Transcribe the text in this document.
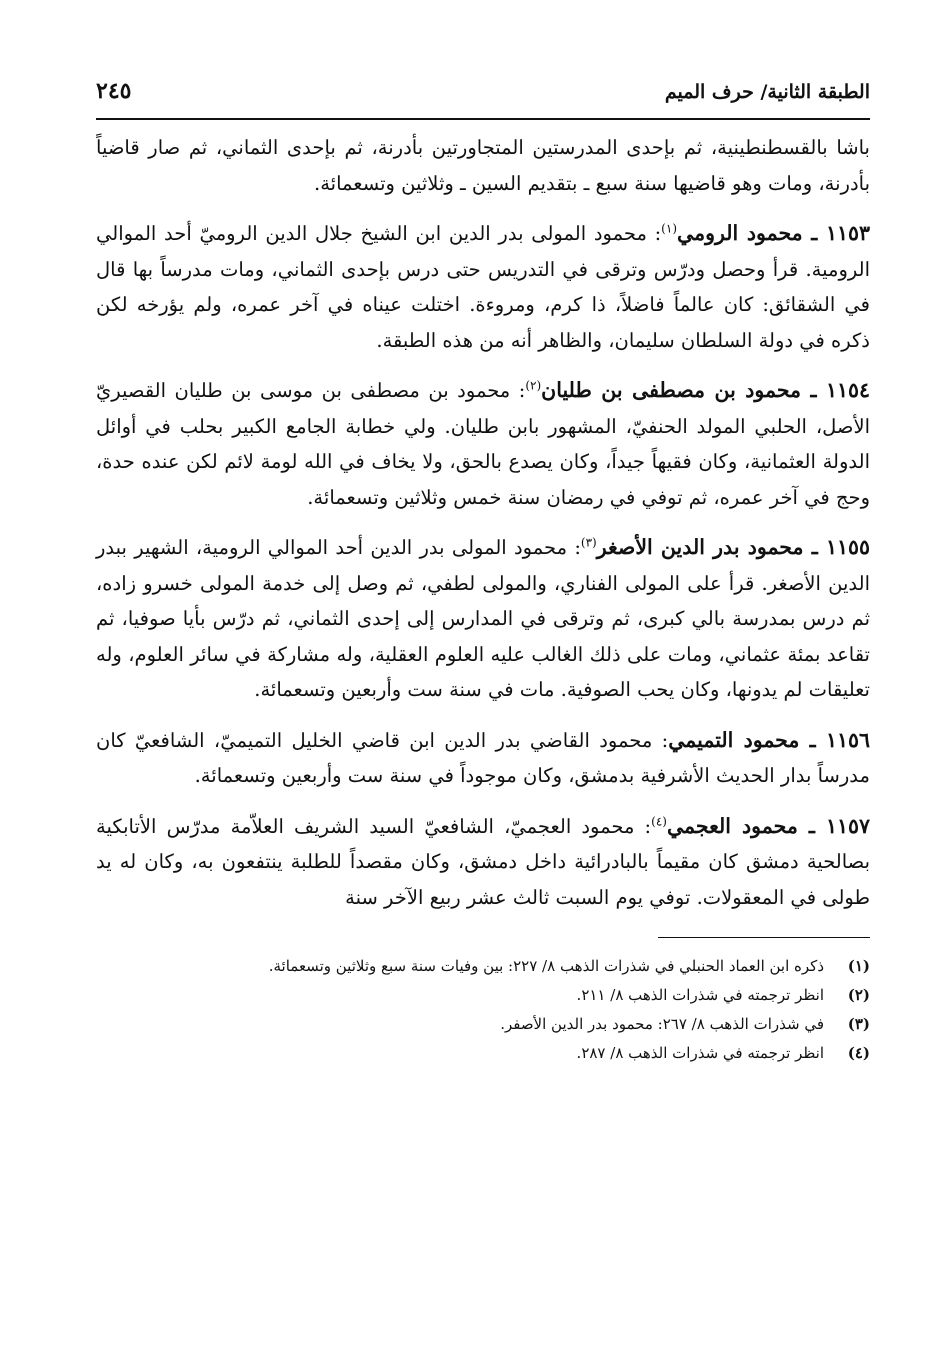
الطبقة الثانية/ حرف الميم
٢٤٥

باشا بالقسطنطينية، ثم بإحدى المدرستين المتجاورتين بأدرنة، ثم بإحدى الثماني، ثم صار قاضياً بأدرنة، ومات وهو قاضيها سنة سبع ـ بتقديم السين ـ وثلاثين وتسعمائة.

١١٥٣ ـ محمود الرومي$^{(١)}$: محمود المولى بدر الدين ابن الشيخ جلال الدين الروميّ أحد الموالي الرومية. قرأ وحصل ودرّس وترقى في التدريس حتى درس بإحدى الثماني، ومات مدرساً بها قال في الشقائق: كان عالماً فاضلاً، ذا كرم، ومروءة. اختلت عيناه في آخر عمره، ولم يؤرخه لكن ذكره في دولة السلطان سليمان، والظاهر أنه من هذه الطبقة.

١١٥٤ ـ محمود بن مصطفى بن طليان$^{(٢)}$: محمود بن مصطفى بن موسى بن طليان القصيريّ الأصل، الحلبي المولد الحنفيّ، المشهور بابن طليان. ولي خطابة الجامع الكبير بحلب في أوائل الدولة العثمانية، وكان فقيهاً جيداً، وكان يصدع بالحق، ولا يخاف في الله لومة لائم لكن عنده حدة، وحج في آخر عمره، ثم توفي في رمضان سنة خمس وثلاثين وتسعمائة.

١١٥٥ ـ محمود بدر الدين الأصغر$^{(٣)}$: محمود المولى بدر الدين أحد الموالي الرومية، الشهير ببدر الدين الأصغر. قرأ على المولى الفناري، والمولى لطفي، ثم وصل إلى خدمة المولى خسرو زاده، ثم درس بمدرسة بالي كبرى، ثم وترقى في المدارس إلى إحدى الثماني، ثم درّس بأيا صوفيا، ثم تقاعد بمئة عثماني، ومات على ذلك الغالب عليه العلوم العقلية، وله مشاركة في سائر العلوم، وله تعليقات لم يدونها، وكان يحب الصوفية. مات في سنة ست وأربعين وتسعمائة.

١١٥٦ ـ محمود التميمي: محمود القاضي بدر الدين ابن قاضي الخليل التميميّ، الشافعيّ كان مدرساً بدار الحديث الأشرفية بدمشق، وكان موجوداً في سنة ست وأربعين وتسعمائة.

١١٥٧ ـ محمود العجمي$^{(٤)}$: محمود العجميّ، الشافعيّ السيد الشريف العلاّمة مدرّس الأتابكية بصالحية دمشق كان مقيماً بالبادرائية داخل دمشق، وكان مقصداً للطلبة ينتفعون به، وكان له يد طولى في المعقولات. توفي يوم السبت ثالث عشر ربيع الآخر سنة

(١)
ذكره ابن العماد الحنبلي في شذرات الذهب ٨/ ٢٢٧: بين وفيات سنة سبع وثلاثين وتسعمائة.
(٢)
انظر ترجمته في شذرات الذهب ٨/ ٢١١.
(٣)
في شذرات الذهب ٨/ ٢٦٧: محمود بدر الدين الأصفر.
(٤)
انظر ترجمته في شذرات الذهب ٨/ ٢٨٧.
